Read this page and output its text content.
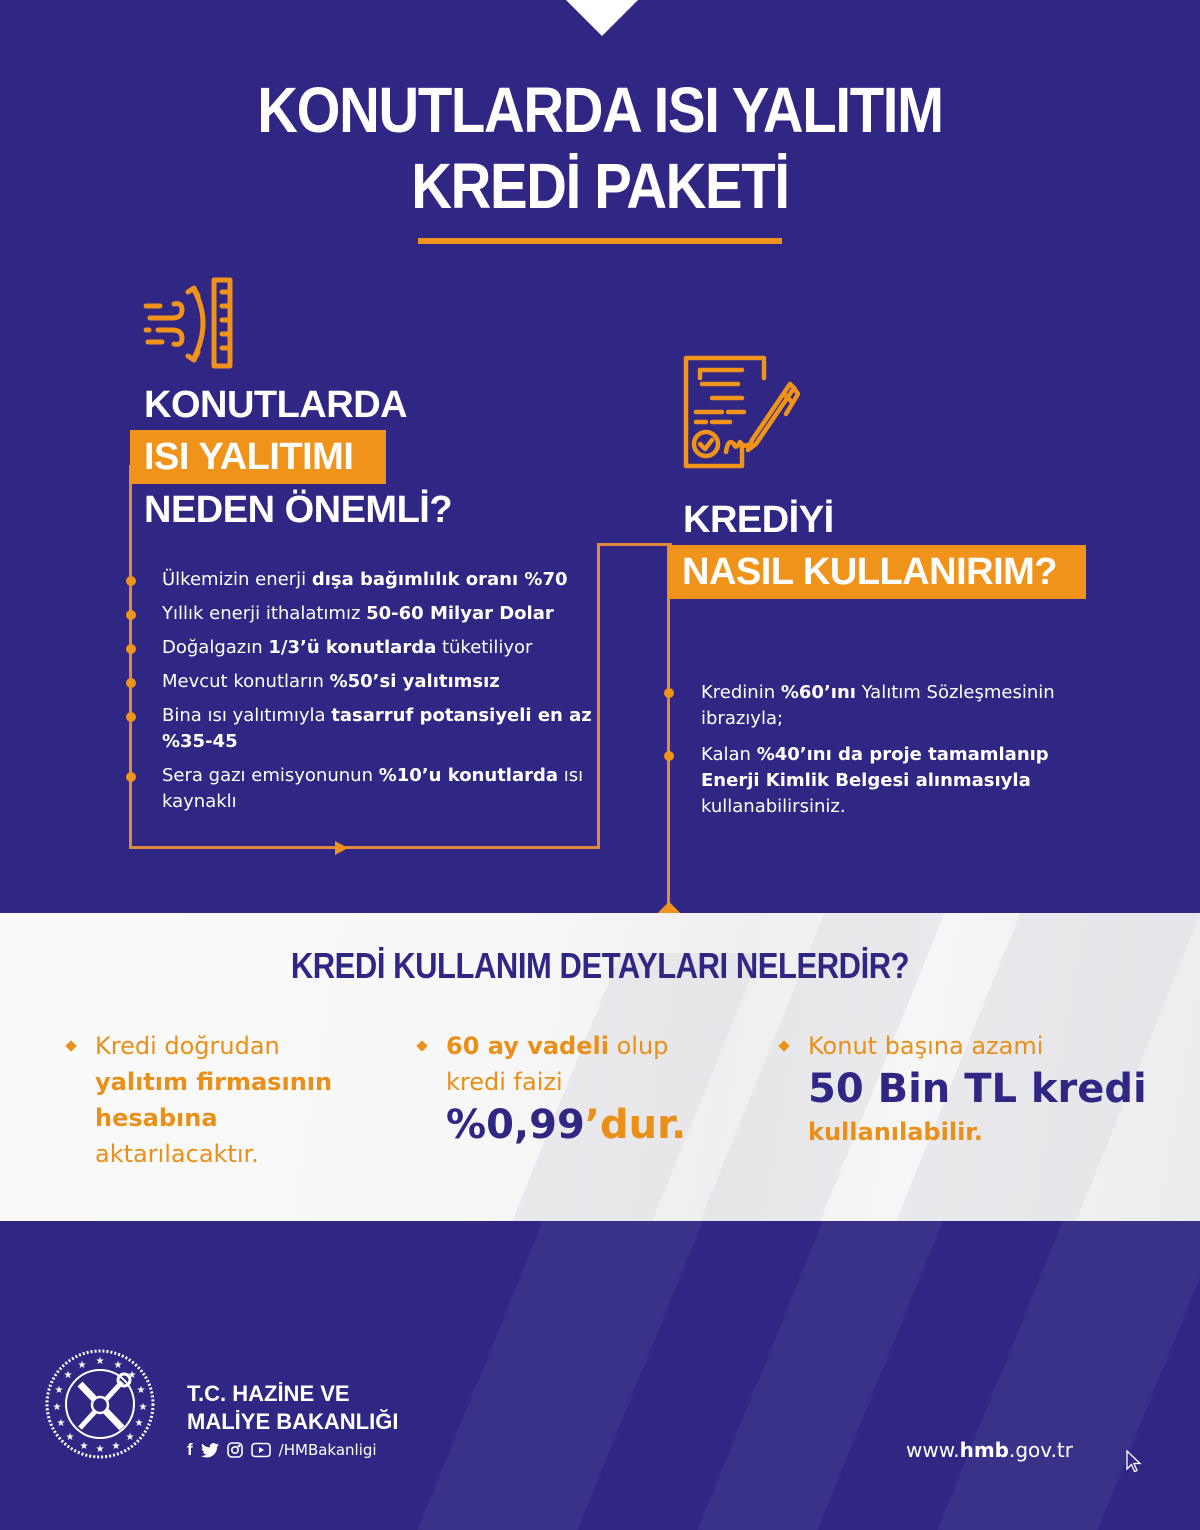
KONUTLARDA ISI YALITIM
KREDİ PAKETİ
KONUTLARDA
ISI YALITIMI
NEDEN ÖNEMLİ?
Ülkemizin enerji dışa bağımlılık oranı %70
Yıllık enerji ithalatımız 50-60 Milyar Dolar
Doğalgazın 1/3’ü konutlarda tüketiliyor
Mevcut konutların %50’si yalıtımsız
Bina ısı yalıtımıyla tasarruf potansiyeli en az %35-45
Sera gazı emisyonunun %10’u konutlarda ısı kaynaklı
KREDİYİ
NASIL KULLANIRIM?
Kredinin %60’ını Yalıtım Sözleşmesinin ibrazıyla;
Kalan %40’ını da proje tamamlanıp Enerji Kimlik Belgesi alınmasıyla kullanabilirsiniz.
KREDİ KULLANIM DETAYLARI NELERDİR?
Kredi doğrudan
yalıtım firmasının hesabına
aktarılacaktır.
60 ay vadeli olup
kredi faizi
%0,99’dur.
Konut başına azami
50 Bin TL kredi
kullanılabilir.
★ ★
★
★
★
★
★
★
★
★
★
★
★
★
★
★
T.C. HAZİNE VE
MALİYE BAKANLIĞI
f	/HMBakanligi	www.hmb.gov.tr
